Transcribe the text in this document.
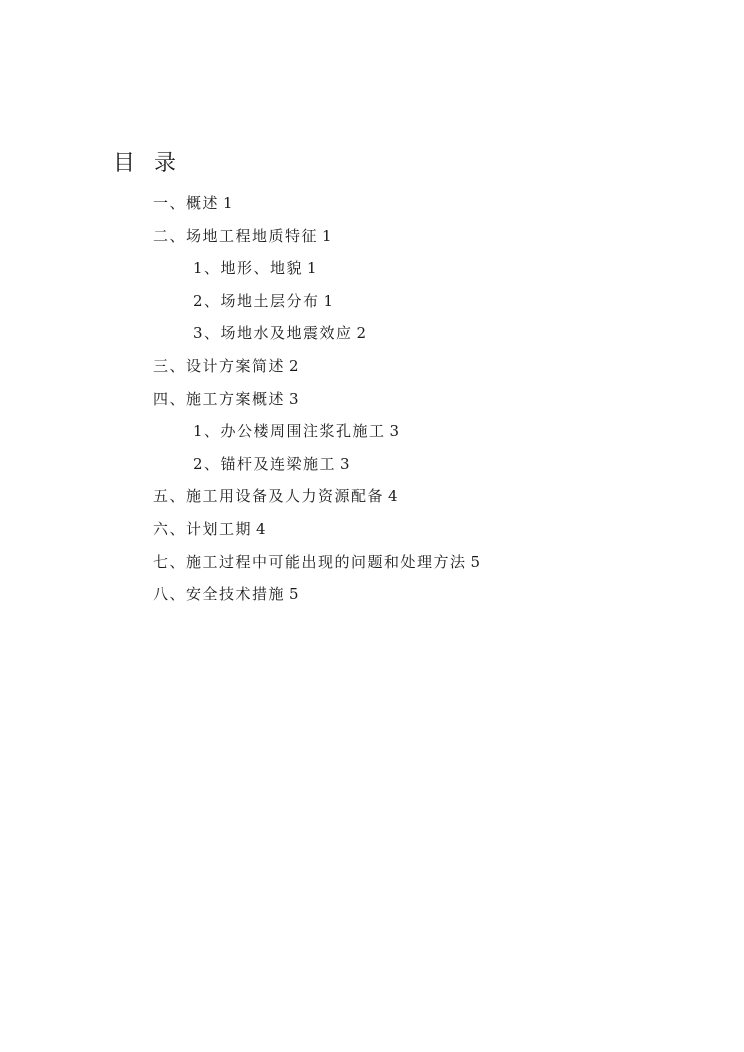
目 录
一、概述 1
二、场地工程地质特征 1
1、地形、地貌 1
2、场地土层分布 1
3、场地水及地震效应 2
三、设计方案简述 2
四、施工方案概述 3
1、办公楼周围注浆孔施工 3
2、锚杆及连梁施工 3
五、施工用设备及人力资源配备 4
六、计划工期 4
七、施工过程中可能出现的问题和处理方法 5
八、安全技术措施 5
